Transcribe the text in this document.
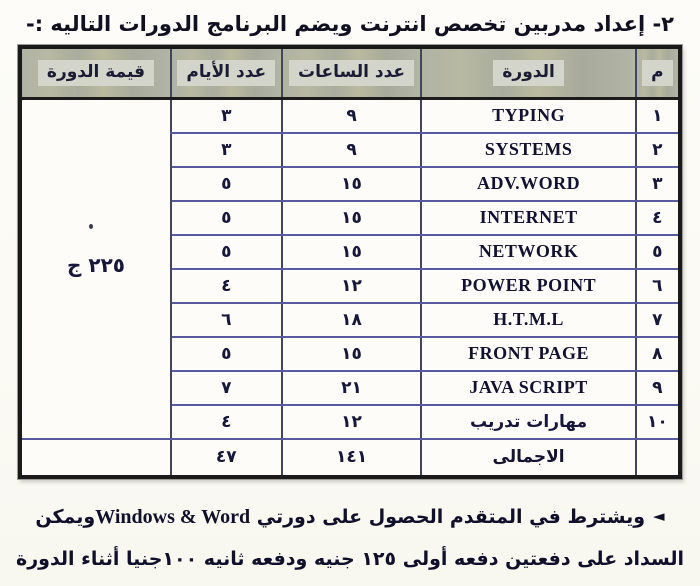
٢- إعداد مدربين تخصص انترنت ويضم البرنامج الدورات التاليه :-
م	الدورة	عدد الساعات	عدد الأيام	قيمة الدورة
١	TYPING	٩	٣	٢٢٥ ج

٢	SYSTEMS	٩	٣	
٣	ADV.WORD	١٥	٥	
٤	INTERNET	١٥	٥	
٥	NETWORK	١٥	٥	
٦	POWER POINT	١٢	٤	
٧	H.T.M.L	١٨	٦	
٨	FRONT PAGE	١٥	٥	
٩	JAVA SCRIPT	٢١	٧	
١٠	مهارات تدريب	١٢	٤	
	الاجمالى	١٤١	٤٧	
◄ويشترط في المتقدم الحصول على دورتي Windows & Wordويمكن
السداد على دفعتين دفعه أولى ١٢٥ جنيه ودفعه ثانيه ١٠٠جنيا أثناء الدورة
